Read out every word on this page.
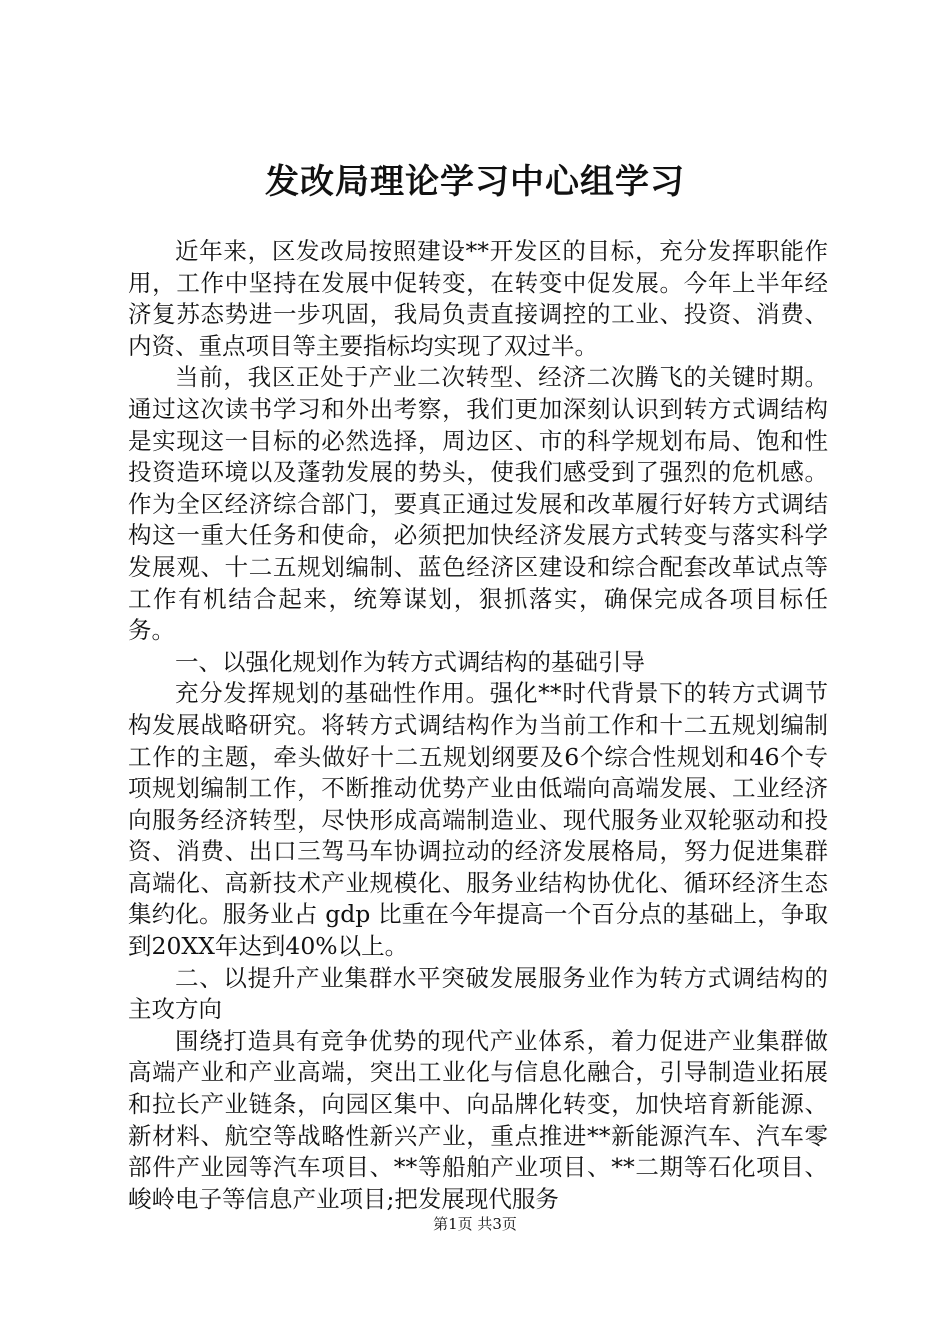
发改局理论学习中心组学习

近年来，区发改局按照建设**开发区的目标，充分发挥职能作用，工作中坚持在发展中促转变，在转变中促发展。今年上半年经济复苏态势进一步巩固，我局负责直接调控的工业、投资、消费、内资、重点项目等主要指标均实现了双过半。

当前，我区正处于产业二次转型、经济二次腾飞的关键时期。通过这次读书学习和外出考察，我们更加深刻认识到转方式调结构是实现这一目标的必然选择，周边区、市的科学规划布局、饱和性投资造环境以及蓬勃发展的势头，使我们感受到了强烈的危机感。作为全区经济综合部门，要真正通过发展和改革履行好转方式调结构这一重大任务和使命，必须把加快经济发展方式转变与落实科学发展观、十二五规划编制、蓝色经济区建设和综合配套改革试点等工作有机结合起来，统筹谋划，狠抓落实，确保完成各项目标任务。

一、以强化规划作为转方式调结构的基础引导

充分发挥规划的基础性作用。强化**时代背景下的转方式调节构发展战略研究。将转方式调结构作为当前工作和十二五规划编制工作的主题，牵头做好十二五规划纲要及6个综合性规划和46个专项规划编制工作，不断推动优势产业由低端向高端发展、工业经济向服务经济转型，尽快形成高端制造业、现代服务业双轮驱动和投资、消费、出口三驾马车协调拉动的经济发展格局，努力促进集群高端化、高新技术产业规模化、服务业结构协优化、循环经济生态集约化。服务业占 gdp 比重在今年提高一个百分点的基础上，争取到20XX年达到40%以上。

二、以提升产业集群水平突破发展服务业作为转方式调结构的主攻方向

围绕打造具有竞争优势的现代产业体系，着力促进产业集群做高端产业和产业高端，突出工业化与信息化融合，引导制造业拓展和拉长产业链条，向园区集中、向品牌化转变，加快培育新能源、新材料、航空等战略性新兴产业，重点推进**新能源汽车、汽车零部件产业园等汽车项目、**等船舶产业项目、**二期等石化项目、峻岭电子等信息产业项目;把发展现代服务

第1页 共3页
